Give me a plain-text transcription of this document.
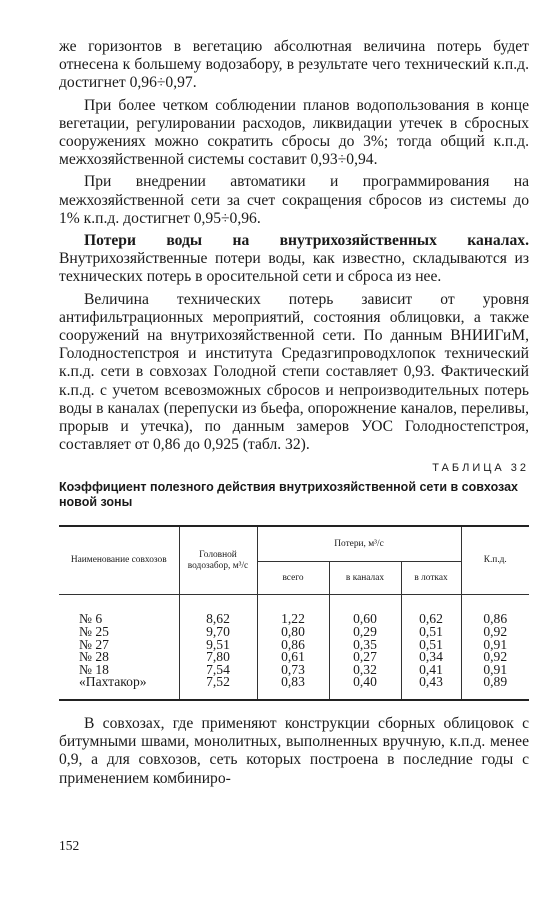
же горизонтов в вегетацию абсолютная величина потерь будет отнесена к большему водозабору, в результате чего технический к.п.д. достигнет 0,96÷0,97.

При более четком соблюдении планов водопользования в конце вегетации, регулировании расходов, ликвидации утечек в сбросных сооружениях можно сократить сбросы до 3%; тогда общий к.п.д. межхозяйственной системы составит 0,93÷0,94.

При внедрении автоматики и программирования на межхозяйственной сети за счет сокращения сбросов из системы до 1% к.п.д. достигнет 0,95÷0,96.

Потери воды на внутрихозяйственных каналах. Внутрихозяйственные потери воды, как известно, складываются из технических потерь в оросительной сети и сброса из нее.

Величина технических потерь зависит от уровня антифильтрационных мероприятий, состояния облицовки, а также сооружений на внутрихозяйственной сети. По данным ВНИИГиМ, Голодностепстроя и института Средазгипроводхлопок технический к.п.д. сети в совхозах Голодной степи составляет 0,93. Фактический к.п.д. с учетом всевозможных сбросов и непроизводительных потерь воды в каналах (перепуски из бьефа, опорожнение каналов, переливы, прорыв и утечка), по данным замеров УОС Голодностепстроя, составляет от 0,86 до 0,925 (табл. 32).

ТАБЛИЦА 32
Коэффициент полезного действия внутрихозяйственной сети в совхозах новой зоны
Наименование совхозов	Головной водозабор, м³/с	Потери, м³/с			К.п.д.
		всего	в каналах	в лотках	
№ 6	8,62	1,22	0,60	0,62	0,86
№ 25	9,70	0,80	0,29	0,51	0,92
№ 27	9,51	0,86	0,35	0,51	0,91
№ 28	7,80	0,61	0,27	0,34	0,92
№ 18	7,54	0,73	0,32	0,41	0,91
«Пахтакор»	7,52	0,83	0,40	0,43	0,89

В совхозах, где применяют конструкции сборных облицовок с битумными швами, монолитных, выполненных вручную, к.п.д. менее 0,9, а для совхозов, сеть которых построена в последние годы с применением комбиниро-

152
